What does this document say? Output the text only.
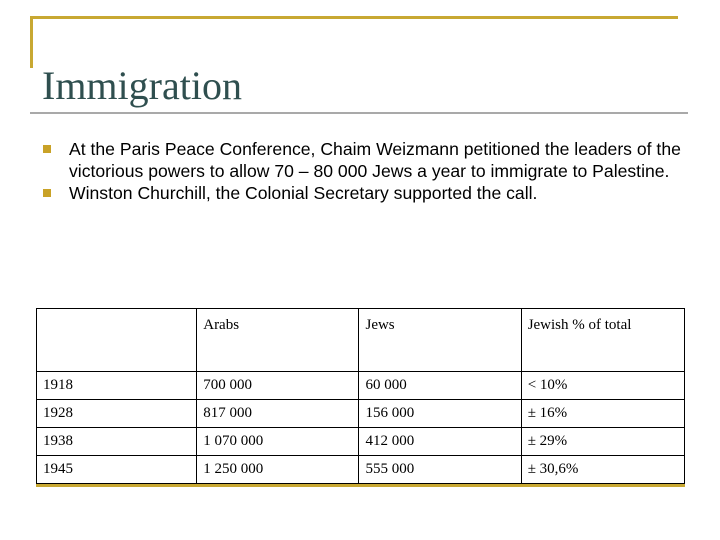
Immigration
At the Paris Peace Conference, Chaim Weizmann petitioned the leaders of the victorious powers to allow 70 – 80 000 Jews a year to immigrate to Palestine.
Winston Churchill, the Colonial Secretary supported the call.
	Arabs	Jews	Jewish % of total
1918	700 000	60 000	< 10%
1928	817 000	156 000	± 16%
1938	1 070 000	412 000	± 29%
1945	1 250 000	555 000	± 30,6%
